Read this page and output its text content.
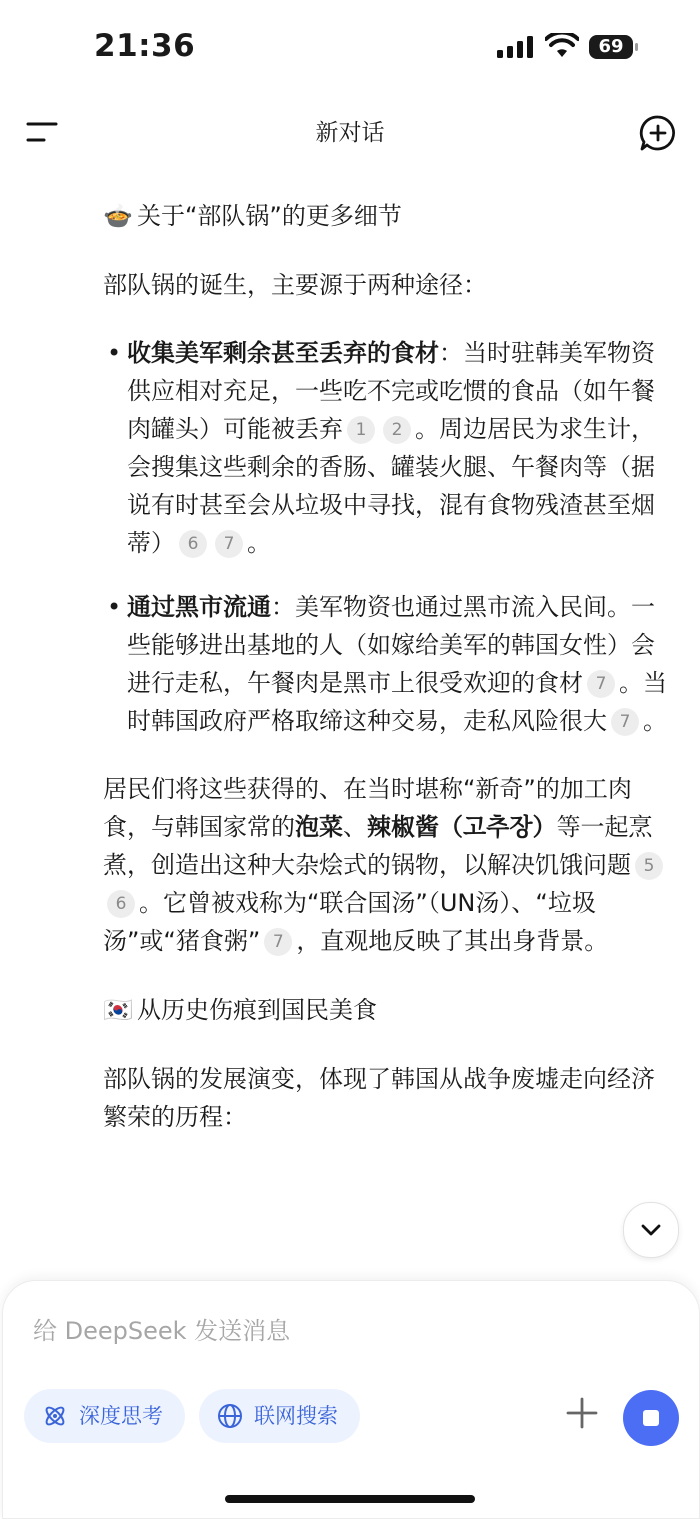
21:36	69
新对话
🍲 关于“部队锅”的更多细节
部队锅的诞生，主要源于两种途径：
• 收集美军剩余甚至丢弃的食材：当时驻韩美军物资供应相对充足，一些吃不完或吃惯的食品（如午餐肉罐头）可能被丢弃 1 2 。周边居民为求生计，会搜集这些剩余的香肠、罐装火腿、午餐肉等（据说有时甚至会从垃圾中寻找，混有食物残渣甚至烟蒂） 6 7 。
• 通过黑市流通：美军物资也通过黑市流入民间。一些能够进出基地的人（如嫁给美军的韩国女性）会进行走私，午餐肉是黑市上很受欢迎的食材 7 。当时韩国政府严格取缔这种交易，走私风险很大 7 。
居民们将这些获得的、在当时堪称“新奇”的加工肉食，与韩国家常的泡菜、辣椒酱（고추장）等一起烹煮，创造出这种大杂烩式的锅物，以解决饥饿问题 56 。它曾被戏称为“联合国汤”（UN汤）、“垃圾汤”或“猪食粥” 7 ，直观地反映了其出身背景。
🇰🇷 从历史伤痕到国民美食
部队锅的发展演变，体现了韩国从战争废墟走向经济繁荣的历程：
给 DeepSeek 发送消息
深度思考	联网搜索
